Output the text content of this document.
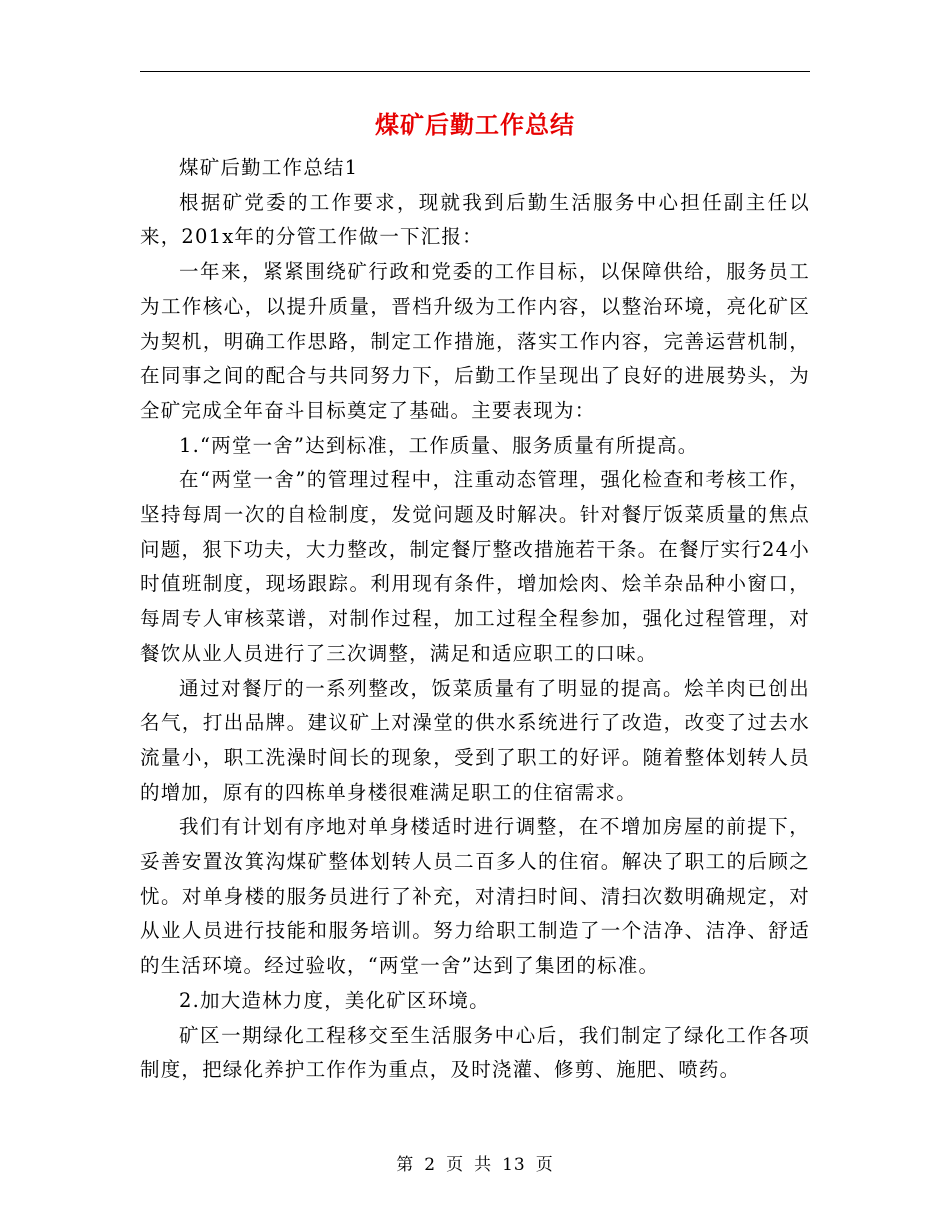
煤矿后勤工作总结

煤矿后勤工作总结1

根据矿党委的工作要求，现就我到后勤生活服务中心担任副主任以来，201x年的分管工作做一下汇报：

一年来，紧紧围绕矿行政和党委的工作目标，以保障供给，服务员工为工作核心，以提升质量，晋档升级为工作内容，以整治环境，亮化矿区为契机，明确工作思路，制定工作措施，落实工作内容，完善运营机制，在同事之间的配合与共同努力下，后勤工作呈现出了良好的进展势头，为全矿完成全年奋斗目标奠定了基础。主要表现为：

1.“两堂一舍”达到标准，工作质量、服务质量有所提高。

在“两堂一舍”的管理过程中，注重动态管理，强化检查和考核工作，坚持每周一次的自检制度，发觉问题及时解决。针对餐厅饭菜质量的焦点问题，狠下功夫，大力整改，制定餐厅整改措施若干条。在餐厅实行24小时值班制度，现场跟踪。利用现有条件，增加烩肉、烩羊杂品种小窗口，每周专人审核菜谱，对制作过程，加工过程全程参加，强化过程管理，对餐饮从业人员进行了三次调整，满足和适应职工的口味。

通过对餐厅的一系列整改，饭菜质量有了明显的提高。烩羊肉已创出名气，打出品牌。建议矿上对澡堂的供水系统进行了改造，改变了过去水流量小，职工洗澡时间长的现象，受到了职工的好评。随着整体划转人员的增加，原有的四栋单身楼很难满足职工的住宿需求。

我们有计划有序地对单身楼适时进行调整，在不增加房屋的前提下，妥善安置汝箕沟煤矿整体划转人员二百多人的住宿。解决了职工的后顾之忧。对单身楼的服务员进行了补充，对清扫时间、清扫次数明确规定，对从业人员进行技能和服务培训。努力给职工制造了一个洁净、洁净、舒适的生活环境。经过验收，“两堂一舍”达到了集团的标准。

2.加大造林力度，美化矿区环境。

矿区一期绿化工程移交至生活服务中心后，我们制定了绿化工作各项制度，把绿化养护工作作为重点，及时浇灌、修剪、施肥、喷药。

第 2 页 共 13 页
